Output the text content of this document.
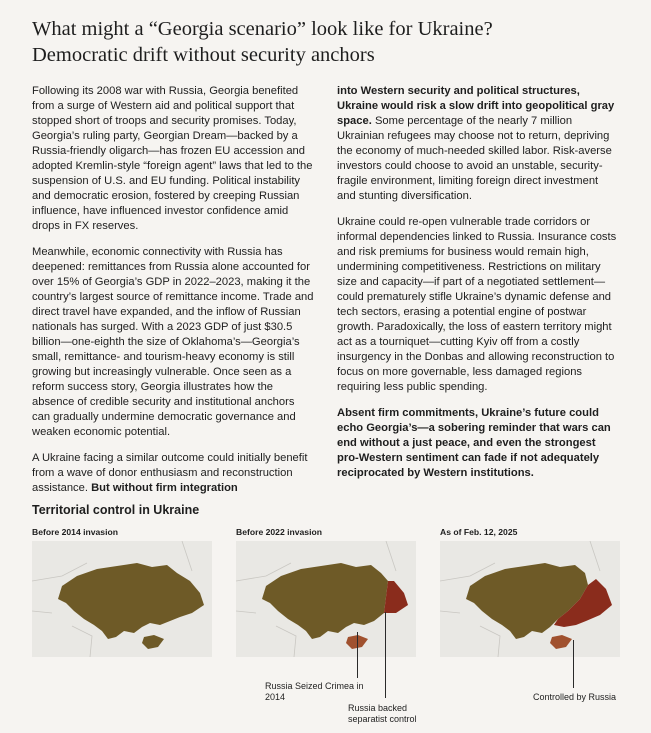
What might a “Georgia scenario” look like for Ukraine?
Democratic drift without security anchors

Following its 2008 war with Russia, Georgia benefited from a surge of Western aid and political support that stopped short of troops and security promises. Today, Georgia’s ruling party, Georgian Dream—backed by a Russia-friendly oligarch—has frozen EU accession and adopted Kremlin-style “foreign agent” laws that led to the suspension of U.S. and EU funding. Political instability and democratic erosion, fostered by creeping Russian influence, have influenced investor confidence amid drops in FX reserves.

Meanwhile, economic connectivity with Russia has deepened: remittances from Russia alone accounted for over 15% of Georgia’s GDP in 2022–2023, making it the country’s largest source of remittance income. Trade and direct travel have expanded, and the inflow of Russian nationals has surged. With a 2023 GDP of just $30.5 billion—one-eighth the size of Oklahoma’s—Georgia’s small, remittance- and tourism-heavy economy is still growing but increasingly vulnerable. Once seen as a reform success story, Georgia illustrates how the absence of credible security and institutional anchors can gradually undermine democratic governance and weaken economic potential.

A Ukraine facing a similar outcome could initially benefit from a wave of donor enthusiasm and reconstruction assistance. But without firm integration

into Western security and political structures, Ukraine would risk a slow drift into geopolitical gray space. Some percentage of the nearly 7 million Ukrainian refugees may choose not to return, depriving the economy of much-needed skilled labor. Risk-averse investors could choose to avoid an unstable, security-fragile environment, limiting foreign direct investment and stunting diversification.

Ukraine could re-open vulnerable trade corridors or informal dependencies linked to Russia. Insurance costs and risk premiums for business would remain high, undermining competitiveness. Restrictions on military size and capacity—if part of a negotiated settlement—could prematurely stifle Ukraine’s dynamic defense and tech sectors, erasing a potential engine of postwar growth. Paradoxically, the loss of eastern territory might act as a tourniquet—cutting Kyiv off from a costly insurgency in the Donbas and allowing reconstruction to focus on more governable, less damaged regions requiring less public spending.

Absent firm commitments, Ukraine’s future could echo Georgia’s—a sobering reminder that wars can end without a just peace, and even the strongest pro-Western sentiment can fade if not adequately reciprocated by Western institutions.

Territorial control in Ukraine
Before 2014 invasion	Before 2022 invasion	As of Feb. 12, 2025
Russia Seized Crimea in 2014
Russia backed separatist control
Controlled by Russia
